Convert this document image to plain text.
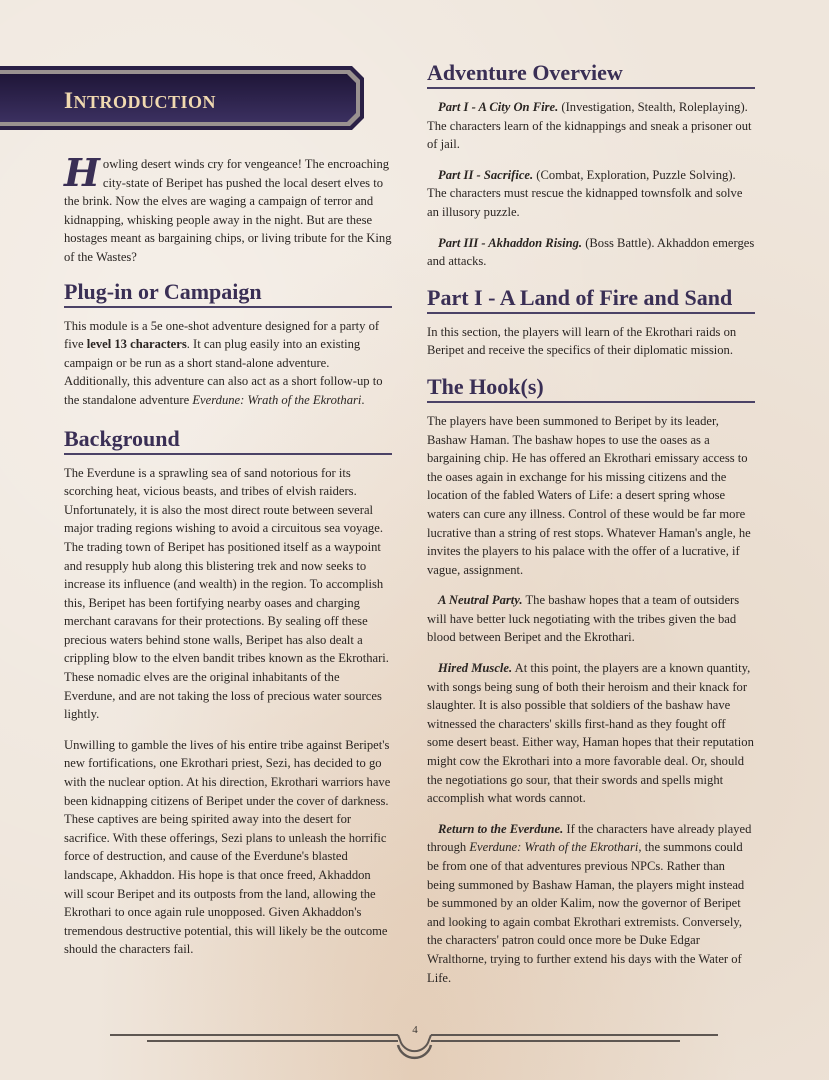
INTRODUCTION
Howling desert winds cry for vengeance! The encroaching city-state of Beripet has pushed the local desert elves to the brink. Now the elves are waging a campaign of terror and kidnapping, whisking people away in the night. But are these hostages meant as bargaining chips, or living tribute for the King of the Wastes?
Plug-in or Campaign
This module is a 5e one-shot adventure designed for a party of five level 13 characters. It can plug easily into an existing campaign or be run as a short stand-alone adventure. Additionally, this adventure can also act as a short follow-up to the standalone adventure Everdune: Wrath of the Ekrothari.
Background

The Everdune is a sprawling sea of sand notorious for its scorching heat, vicious beasts, and tribes of elvish raiders. Unfortunately, it is also the most direct route between several major trading regions wishing to avoid a circuitous sea voyage. The trading town of Beripet has positioned itself as a waypoint and resupply hub along this blistering trek and now seeks to increase its influence (and wealth) in the region. To accomplish this, Beripet has been fortifying nearby oases and charging merchant caravans for their protections. By sealing off these precious waters behind stone walls, Beripet has also dealt a crippling blow to the elven bandit tribes known as the Ekrothari. These nomadic elves are the original inhabitants of the Everdune, and are not taking the loss of precious water sources lightly.

Unwilling to gamble the lives of his entire tribe against Beripet's new fortifications, one Ekrothari priest, Sezi, has decided to go with the nuclear option. At his direction, Ekrothari warriors have been kidnapping citizens of Beripet under the cover of darkness. These captives are being spirited away into the desert for sacrifice. With these offerings, Sezi plans to unleash the horrific force of destruction, and cause of the Everdune's blasted landscape, Akhaddon. His hope is that once freed, Akhaddon will scour Beripet and its outposts from the land, allowing the Ekrothari to once again rule unopposed. Given Akhaddon's tremendous destructive potential, this will likely be the outcome should the characters fail.

Adventure Overview

Part I - A City On Fire. (Investigation, Stealth, Roleplaying). The characters learn of the kidnappings and sneak a prisoner out of jail.

Part II - Sacrifice. (Combat, Exploration, Puzzle Solving). The characters must rescue the kidnapped townsfolk and solve an illusory puzzle.

Part III - Akhaddon Rising. (Boss Battle). Akhaddon emerges and attacks.

Part I - A Land of Fire and Sand

In this section, the players will learn of the Ekrothari raids on Beripet and receive the specifics of their diplomatic mission.

The Hook(s)

The players have been summoned to Beripet by its leader, Bashaw Haman. The bashaw hopes to use the oases as a bargaining chip. He has offered an Ekrothari emissary access to the oases again in exchange for his missing citizens and the location of the fabled Waters of Life: a desert spring whose waters can cure any illness. Control of these would be far more lucrative than a string of rest stops. Whatever Haman's angle, he invites the players to his palace with the offer of a lucrative, if vague, assignment.

A Neutral Party. The bashaw hopes that a team of outsiders will have better luck negotiating with the tribes given the bad blood between Beripet and the Ekrothari.

Hired Muscle. At this point, the players are a known quantity, with songs being sung of both their heroism and their knack for slaughter. It is also possible that soldiers of the bashaw have witnessed the characters' skills first-hand as they fought off some desert beast. Either way, Haman hopes that their reputation might cow the Ekrothari into a more favorable deal. Or, should the negotiations go sour, that their swords and spells might accomplish what words cannot.

Return to the Everdune. If the characters have already played through Everdune: Wrath of the Ekrothari, the summons could be from one of that adventures previous NPCs. Rather than being summoned by Bashaw Haman, the players might instead be summoned by an older Kalim, now the governor of Beripet and looking to again combat Ekrothari extremists. Conversely, the characters' patron could once more be Duke Edgar Wralthorne, trying to further extend his days with the Water of Life.

4
